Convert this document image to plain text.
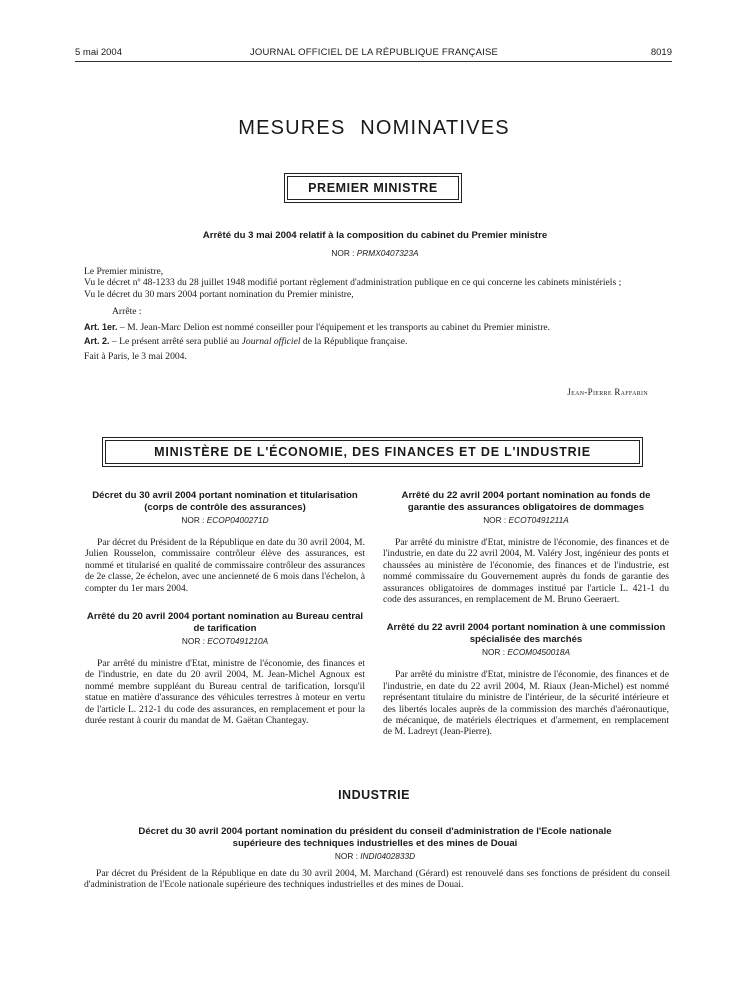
5 mai 2004	JOURNAL OFFICIEL DE LA RÉPUBLIQUE FRANÇAISE	8019
MESURES NOMINATIVES
PREMIER MINISTRE
Arrêté du 3 mai 2004 relatif à la composition du cabinet du Premier ministre
NOR : PRMX0407323A

Le Premier ministre,

Vu le décret nº 48-1233 du 28 juillet 1948 modifié portant règlement d'administration publique en ce qui concerne les cabinets ministériels ;

Vu le décret du 30 mars 2004 portant nomination du Premier ministre,

Arrête :

Art. 1er. – M. Jean-Marc Delion est nommé conseiller pour l'équipement et les transports au cabinet du Premier ministre.

Art. 2. – Le présent arrêté sera publié au Journal officiel de la République française.

Fait à Paris, le 3 mai 2004.

Jean-Pierre Raffarin
MINISTÈRE DE L'ÉCONOMIE, DES FINANCES ET DE L'INDUSTRIE
Décret du 30 avril 2004 portant nomination et titularisation (corps de contrôle des assurances)
NOR : ECOP0400271D

Par décret du Président de la République en date du 30 avril 2004, M. Julien Rousselon, commissaire contrôleur élève des assurances, est nommé et titularisé en qualité de commissaire contrôleur des assurances de 2e classe, 2e échelon, avec une ancienneté de 6 mois dans l'échelon, à compter du 1er mars 2004.

Arrêté du 20 avril 2004 portant nomination au Bureau central de tarification
NOR : ECOT0491210A

Par arrêté du ministre d'Etat, ministre de l'économie, des finances et de l'industrie, en date du 20 avril 2004, M. Jean-Michel Agnoux est nommé membre suppléant du Bureau central de tarification, lorsqu'il statue en matière d'assurance des véhicules terrestres à moteur en vertu de l'article L. 212-1 du code des assurances, en remplacement et pour la durée restant à courir du mandat de M. Gaëtan Chantegay.

Arrêté du 22 avril 2004 portant nomination au fonds de garantie des assurances obligatoires de dommages
NOR : ECOT0491211A

Par arrêté du ministre d'Etat, ministre de l'économie, des finances et de l'industrie, en date du 22 avril 2004, M. Valéry Jost, ingénieur des ponts et chaussées au ministère de l'économie, des finances et de l'industrie, est nommé commissaire du Gouvernement auprès du fonds de garantie des assurances obligatoires de dommages institué par l'article L. 421-1 du code des assurances, en remplacement de M. Bruno Geeraert.

Arrêté du 22 avril 2004 portant nomination à une commission spécialisée des marchés
NOR : ECOM0450018A

Par arrêté du ministre d'Etat, ministre de l'économie, des finances et de l'industrie, en date du 22 avril 2004, M. Riaux (Jean-Michel) est nommé représentant titulaire du ministre de l'intérieur, de la sécurité intérieure et des libertés locales auprès de la commission des marchés d'aéronautique, de mécanique, de matériels électriques et d'armement, en remplacement de M. Ladreyt (Jean-Pierre).

INDUSTRIE
Décret du 30 avril 2004 portant nomination du président du conseil d'administration de l'Ecole nationale supérieure des techniques industrielles et des mines de Douai
NOR : INDI0402833D

Par décret du Président de la République en date du 30 avril 2004, M. Marchand (Gérard) est renouvelé dans ses fonctions de président du conseil d'administration de l'Ecole nationale supérieure des techniques industrielles et des mines de Douai.
